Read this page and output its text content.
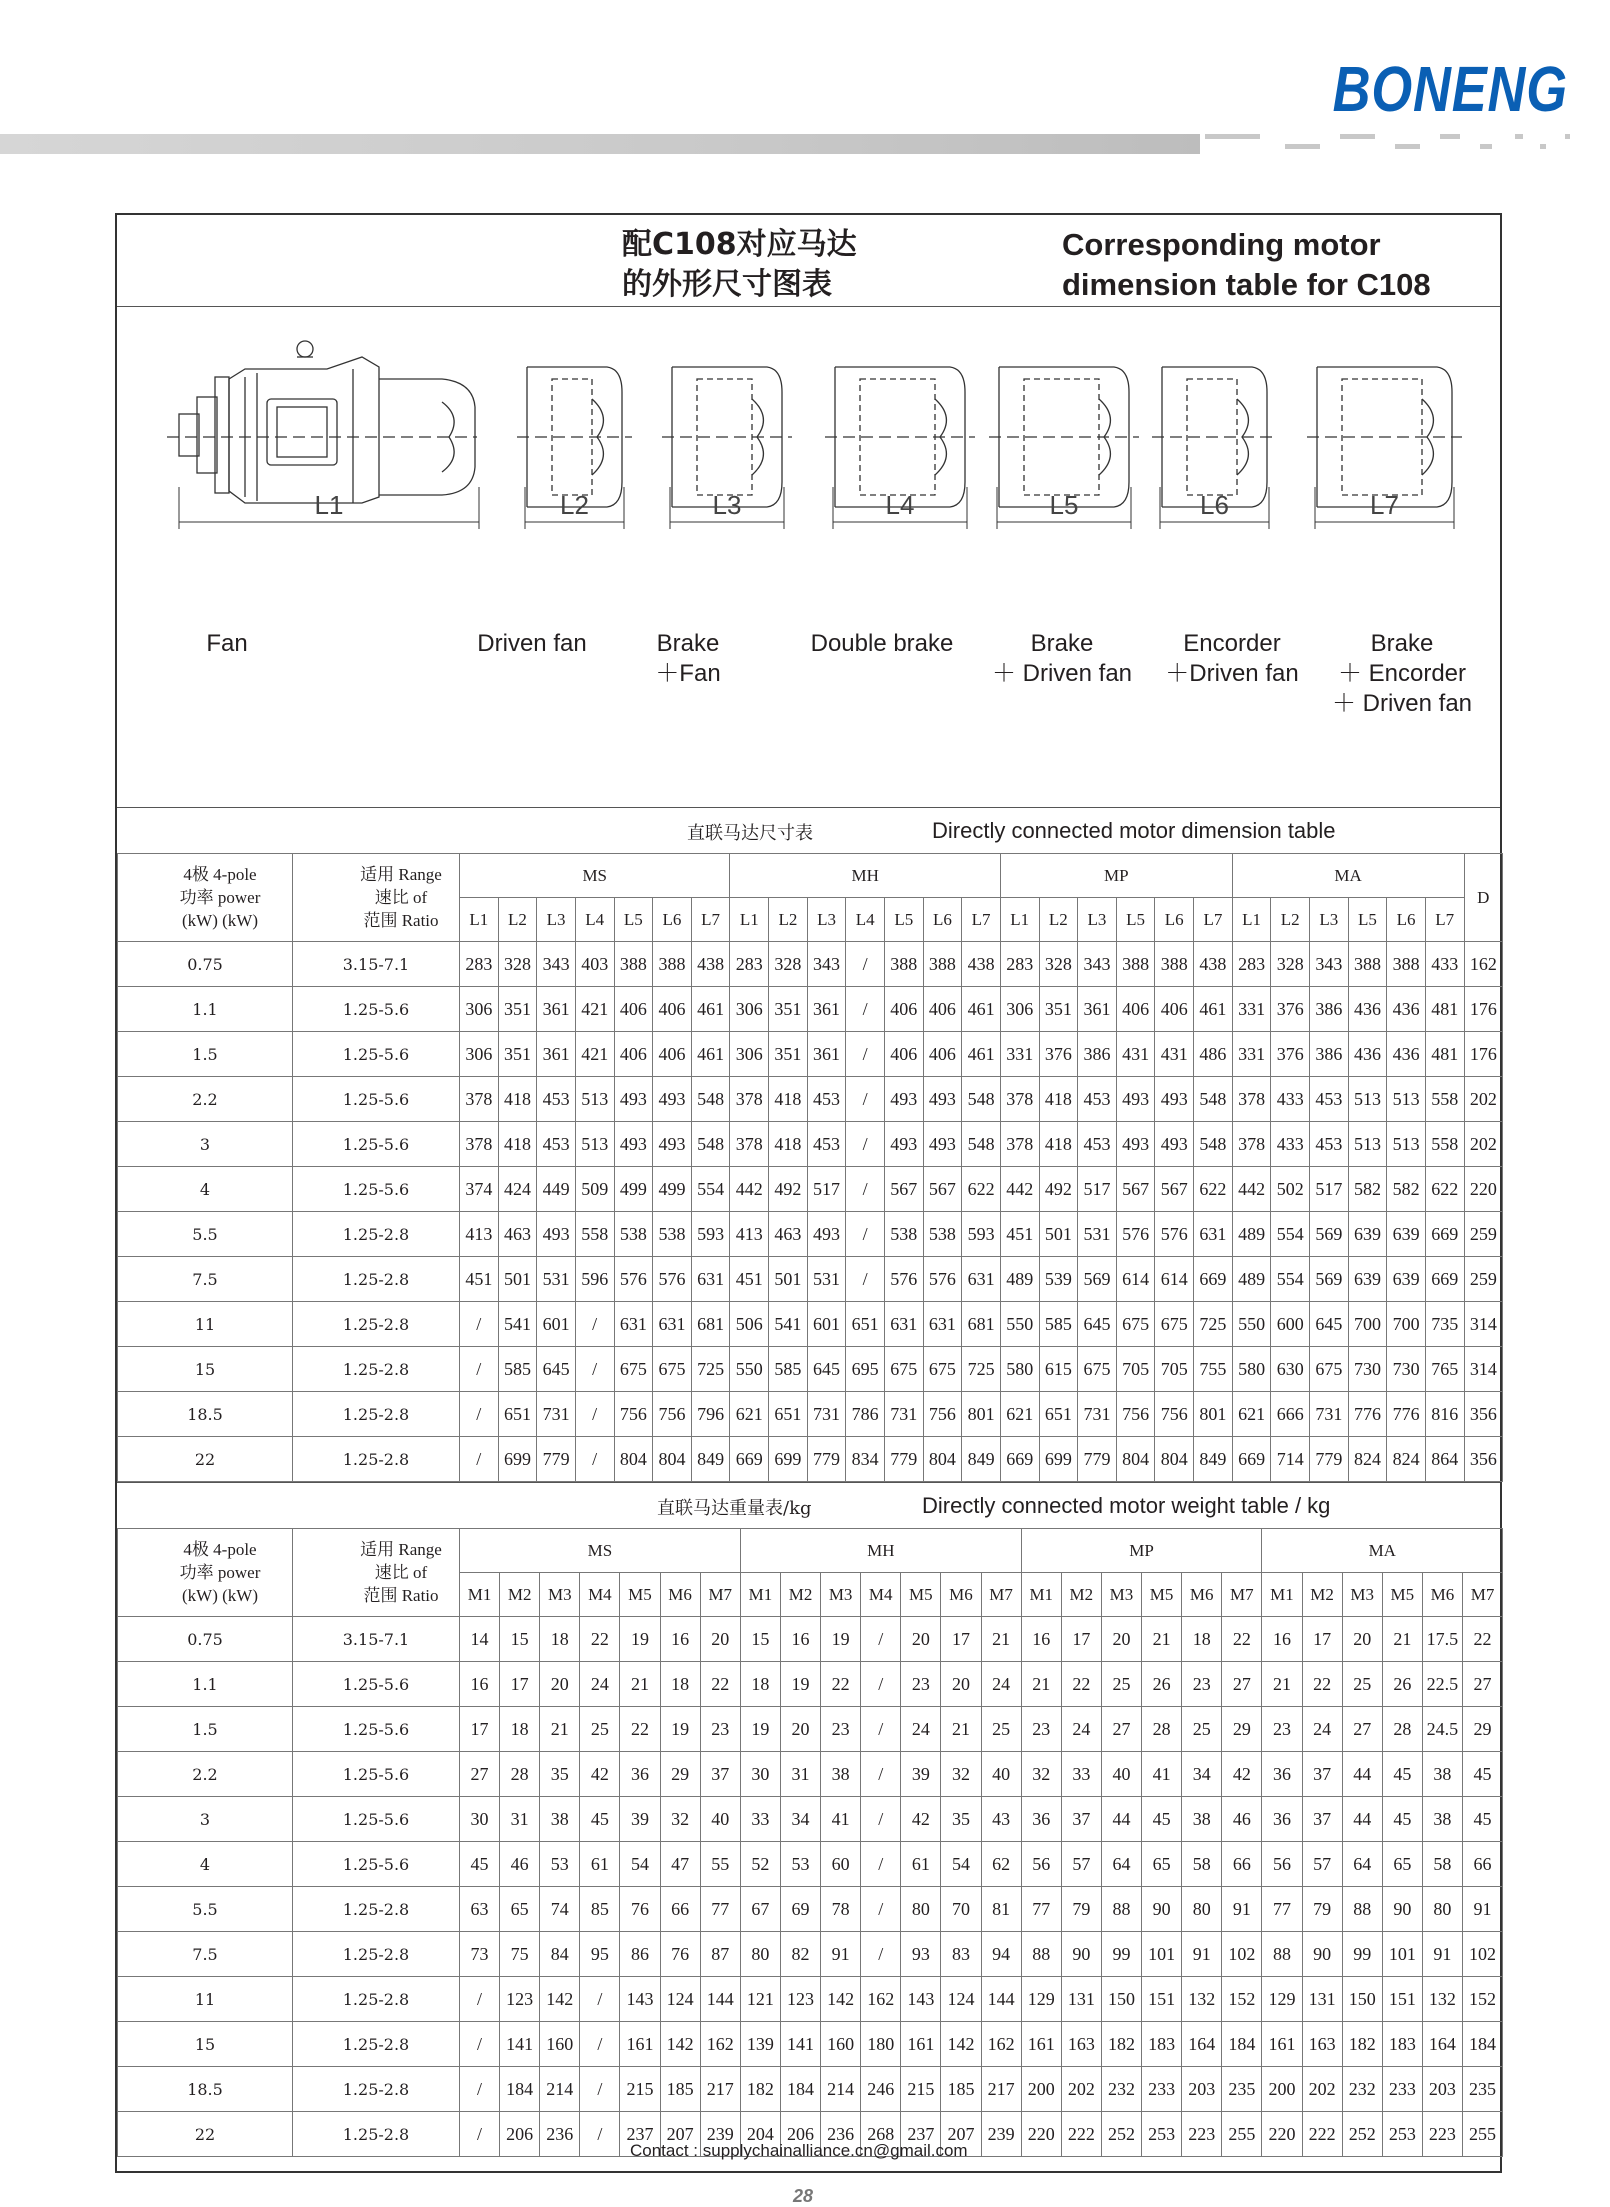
BONENG
配C108对应马达
的外形尺寸图表
Corresponding motor
dimension table for C108
L1	L2	L3	L4	L5	L6	L7
直联马达尺寸表	Directly connected motor dimension table
4极 4-pole
功率 power
(kW) (kW)	适用 Range
速比 of
范围 Ratio	MS							MH							MP						MA						D
		L1	L2	L3	L4	L5	L6	L7	L1	L2	L3	L4	L5	L6	L7	L1	L2	L3	L5	L6	L7	L1	L2	L3	L5	L6	L7	
0.75	3.15-7.1	283	328	343	403	388	388	438	283	328	343	/	388	388	438	283	328	343	388	388	438	283	328	343	388	388	433	162
1.1	1.25-5.6	306	351	361	421	406	406	461	306	351	361	/	406	406	461	306	351	361	406	406	461	331	376	386	436	436	481	176
1.5	1.25-5.6	306	351	361	421	406	406	461	306	351	361	/	406	406	461	331	376	386	431	431	486	331	376	386	436	436	481	176
2.2	1.25-5.6	378	418	453	513	493	493	548	378	418	453	/	493	493	548	378	418	453	493	493	548	378	433	453	513	513	558	202
3	1.25-5.6	378	418	453	513	493	493	548	378	418	453	/	493	493	548	378	418	453	493	493	548	378	433	453	513	513	558	202
4	1.25-5.6	374	424	449	509	499	499	554	442	492	517	/	567	567	622	442	492	517	567	567	622	442	502	517	582	582	622	220
5.5	1.25-2.8	413	463	493	558	538	538	593	413	463	493	/	538	538	593	451	501	531	576	576	631	489	554	569	639	639	669	259
7.5	1.25-2.8	451	501	531	596	576	576	631	451	501	531	/	576	576	631	489	539	569	614	614	669	489	554	569	639	639	669	259
11	1.25-2.8	/	541	601	/	631	631	681	506	541	601	651	631	631	681	550	585	645	675	675	725	550	600	645	700	700	735	314
15	1.25-2.8	/	585	645	/	675	675	725	550	585	645	695	675	675	725	580	615	675	705	705	755	580	630	675	730	730	765	314
18.5	1.25-2.8	/	651	731	/	756	756	796	621	651	731	786	731	756	801	621	651	731	756	756	801	621	666	731	776	776	816	356
22	1.25-2.8	/	699	779	/	804	804	849	669	699	779	834	779	804	849	669	699	779	804	804	849	669	714	779	824	824	864	356
直联马达重量表/kg	Directly connected motor weight table / kg
4极 4-pole
功率 power
(kW) (kW)	适用 Range
速比 of
范围 Ratio	MS							MH							MP						MA					
		M1	M2	M3	M4	M5	M6	M7	M1	M2	M3	M4	M5	M6	M7	M1	M2	M3	M5	M6	M7	M1	M2	M3	M5	M6	M7
0.75	3.15-7.1	14	15	18	22	19	16	20	15	16	19	/	20	17	21	16	17	20	21	18	22	16	17	20	21	17.5	22
1.1	1.25-5.6	16	17	20	24	21	18	22	18	19	22	/	23	20	24	21	22	25	26	23	27	21	22	25	26	22.5	27
1.5	1.25-5.6	17	18	21	25	22	19	23	19	20	23	/	24	21	25	23	24	27	28	25	29	23	24	27	28	24.5	29
2.2	1.25-5.6	27	28	35	42	36	29	37	30	31	38	/	39	32	40	32	33	40	41	34	42	36	37	44	45	38	45
3	1.25-5.6	30	31	38	45	39	32	40	33	34	41	/	42	35	43	36	37	44	45	38	46	36	37	44	45	38	45
4	1.25-5.6	45	46	53	61	54	47	55	52	53	60	/	61	54	62	56	57	64	65	58	66	56	57	64	65	58	66
5.5	1.25-2.8	63	65	74	85	76	66	77	67	69	78	/	80	70	81	77	79	88	90	80	91	77	79	88	90	80	91
7.5	1.25-2.8	73	75	84	95	86	76	87	80	82	91	/	93	83	94	88	90	99	101	91	102	88	90	99	101	91	102
11	1.25-2.8	/	123	142	/	143	124	144	121	123	142	162	143	124	144	129	131	150	151	132	152	129	131	150	151	132	152
15	1.25-2.8	/	141	160	/	161	142	162	139	141	160	180	161	142	162	161	163	182	183	164	184	161	163	182	183	164	184
18.5	1.25-2.8	/	184	214	/	215	185	217	182	184	214	246	215	185	217	200	202	232	233	203	235	200	202	232	233	203	235
22	1.25-2.8	/	206	236	/	237	207	239	204	206	236	268	237	207	239	220	222	252	253	223	255	220	222	252	253	223	255
Fan	Driven fan	Brake
＋Fan
Double brake	Brake
＋ Driven fan
Encorder
＋Driven fan
Brake
＋ Encorder
＋ Driven fan
Contact : supplychainalliance.cn@gmail.com
28
